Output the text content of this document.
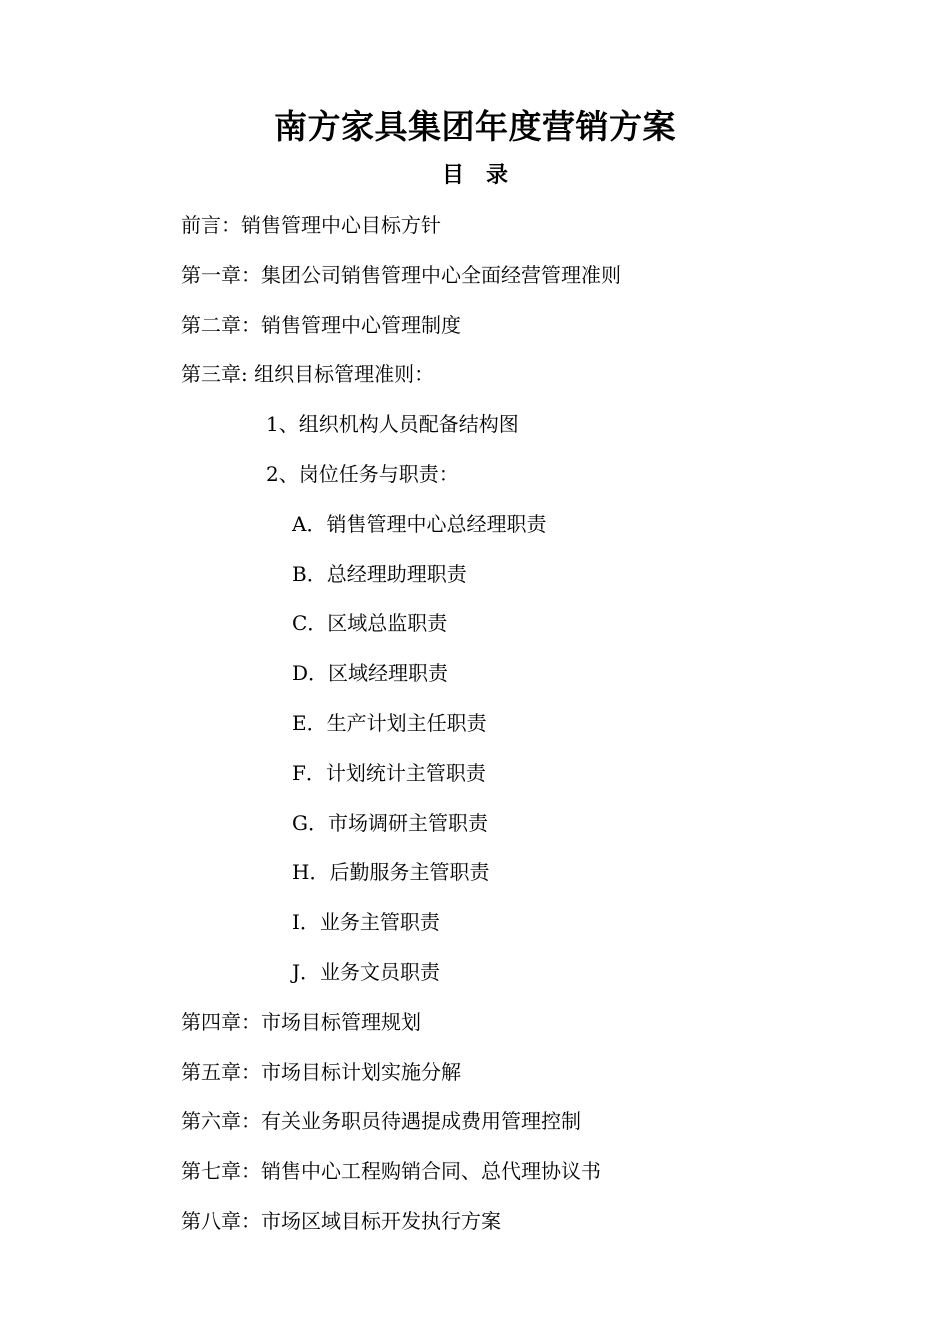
南方家具集团年度营销方案
目　录
前言：销售管理中心目标方针
第一章：集团公司销售管理中心全面经营管理准则
第二章：销售管理中心管理制度
第三章: 组织目标管理准则：
1、组织机构人员配备结构图
2、岗位任务与职责：
A．销售管理中心总经理职责
B．总经理助理职责
C．区域总监职责
D．区域经理职责
E．生产计划主任职责
F．计划统计主管职责
G．市场调研主管职责
H．后勤服务主管职责
I．业务主管职责
J．业务文员职责
第四章：市场目标管理规划
第五章：市场目标计划实施分解
第六章：有关业务职员待遇提成费用管理控制
第七章：销售中心工程购销合同、总代理协议书
第八章：市场区域目标开发执行方案
